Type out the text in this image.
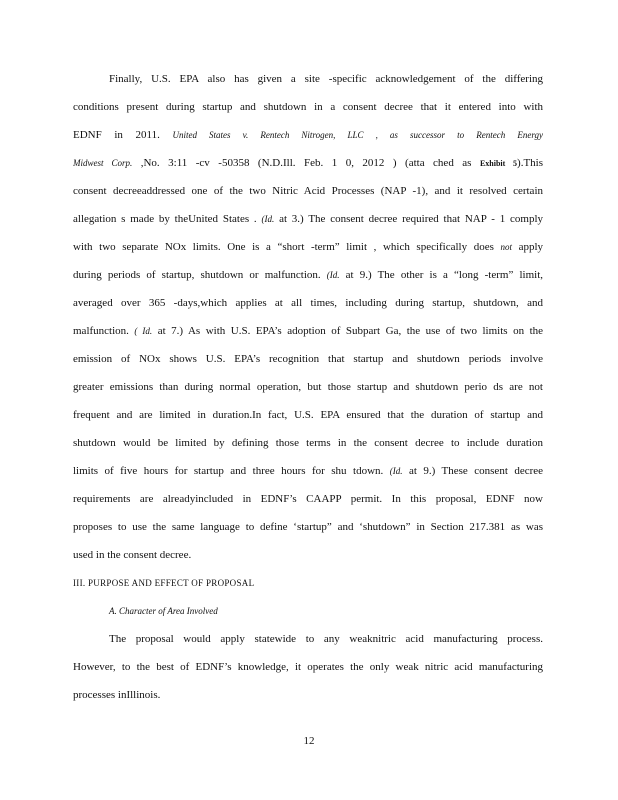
Finally, U.S. EPA also has given a site -specific acknowledgement of the differing
conditions present during startup and shutdown in a consent decree that it entered into with
EDNF in 2011. United States v. Rentech Nitrogen, LLC , as successor to Rentech Energy
Midwest Corp. ,No. 3:11 -cv -50358 (N.D.Ill. Feb. 1 0, 2012 ) (atta ched as Exhibit 5).This
consent decreeaddressed one of the two Nitric Acid Processes (NAP -1), and it resolved certain
allegation s made by theUnited States . (Id. at 3.) The consent decree required that NAP - 1 comply
with two separate NOx limits. One is a “short -term” limit , which specifically does not apply
during periods of startup, shutdown or malfunction. (Id. at 9.) The other is a “long -term” limit,
averaged over 365 -days,which applies at all times, including during startup, shutdown, and
malfunction. ( Id. at 7.) As with U.S. EPA’s adoption of Subpart Ga, the use of two limits on the
emission of NOx shows U.S. EPA’s recognition that startup and shutdown periods involve
greater emissions than during normal operation, but those startup and shutdown perio ds are not
frequent and are limited in duration.In fact, U.S. EPA ensured that the duration of startup and
shutdown would be limited by defining those terms in the consent decree to include duration
limits of five hours for startup and three hours for shu tdown. (Id. at 9.) These consent decree
requirements are alreadyincluded in EDNF’s CAAPP permit. In this proposal, EDNF now
proposes to use the same language to define ‘startup” and ‘shutdown” in Section 217.381 as was
used in the consent decree.
III. PURPOSE AND EFFECT OF PROPOSAL
A. Character of Area Involved
The proposal would apply statewide to any weaknitric acid manufacturing process.
However, to the best of EDNF’s knowledge, it operates the only weak nitric acid manufacturing
processes inIllinois.
12
